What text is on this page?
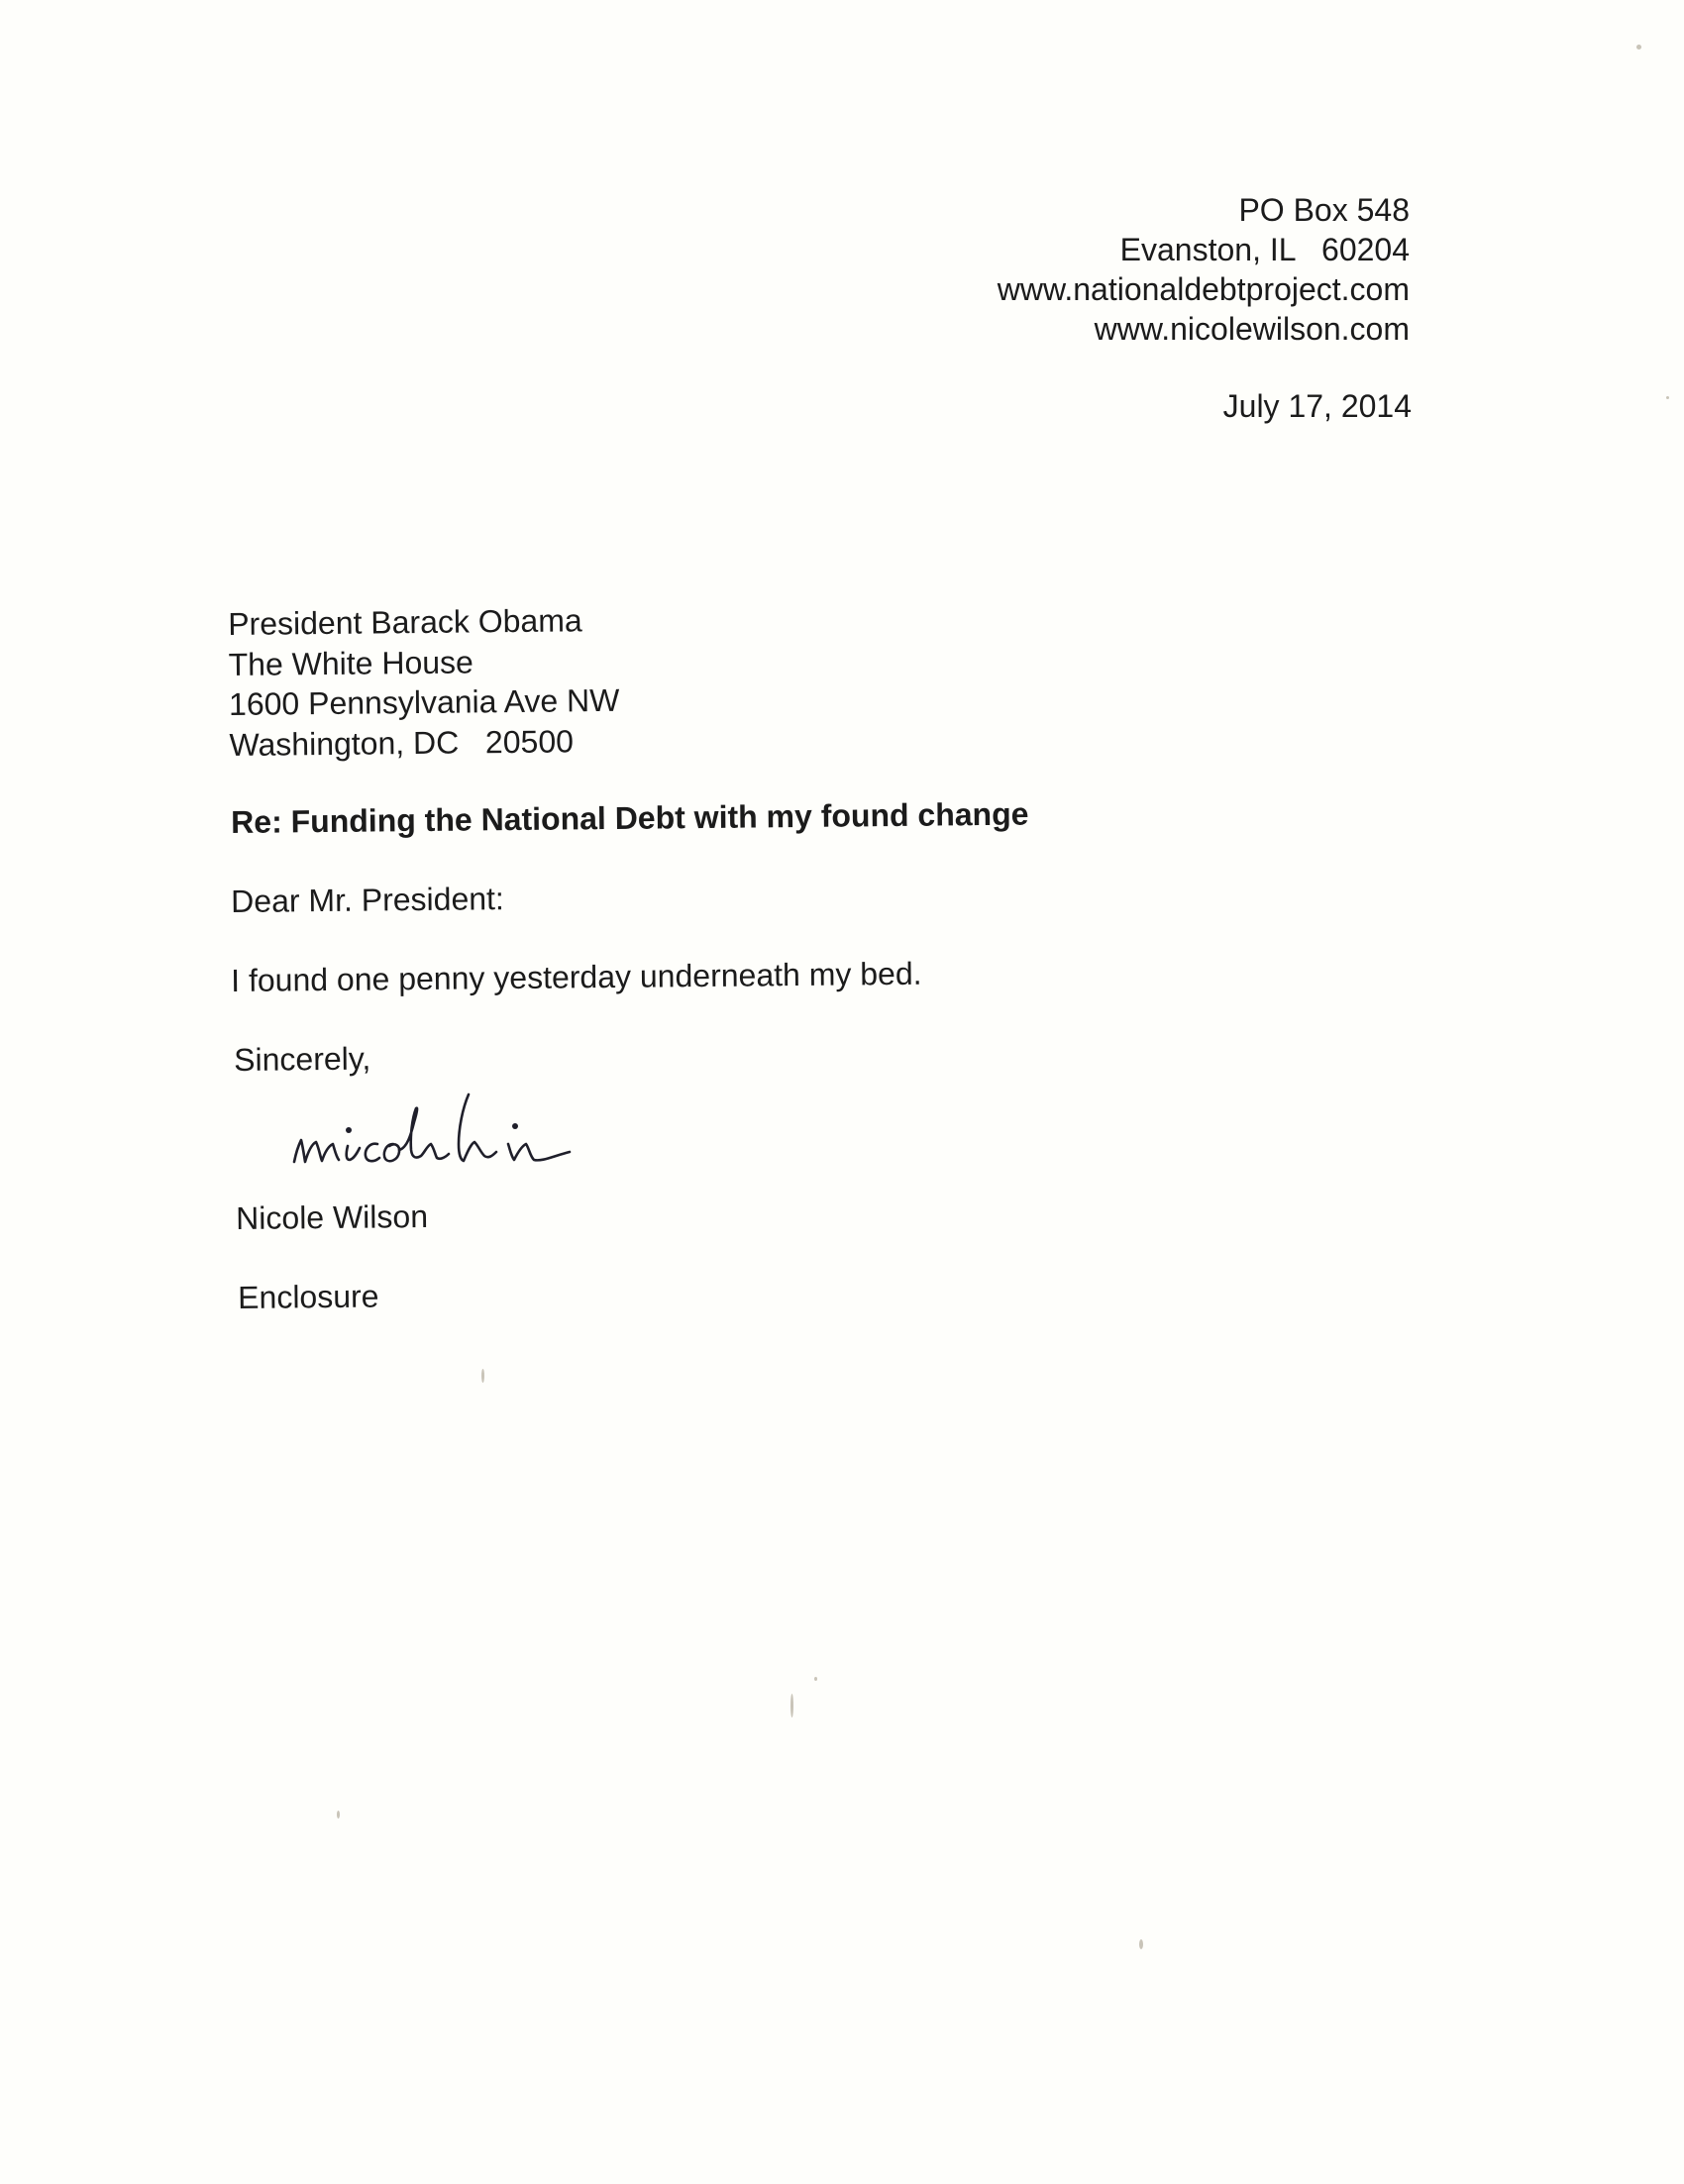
PO Box 548
Evanston, IL   60204
www.nationaldebtproject.com
www.nicolewilson.com
July 17, 2014
President Barack Obama
The White House
1600 Pennsylvania Ave NW
Washington, DC   20500
Re: Funding the National Debt with my found change
Dear Mr. President:
I found one penny yesterday underneath my bed.
Sincerely,
Nicole Wilson
Enclosure
